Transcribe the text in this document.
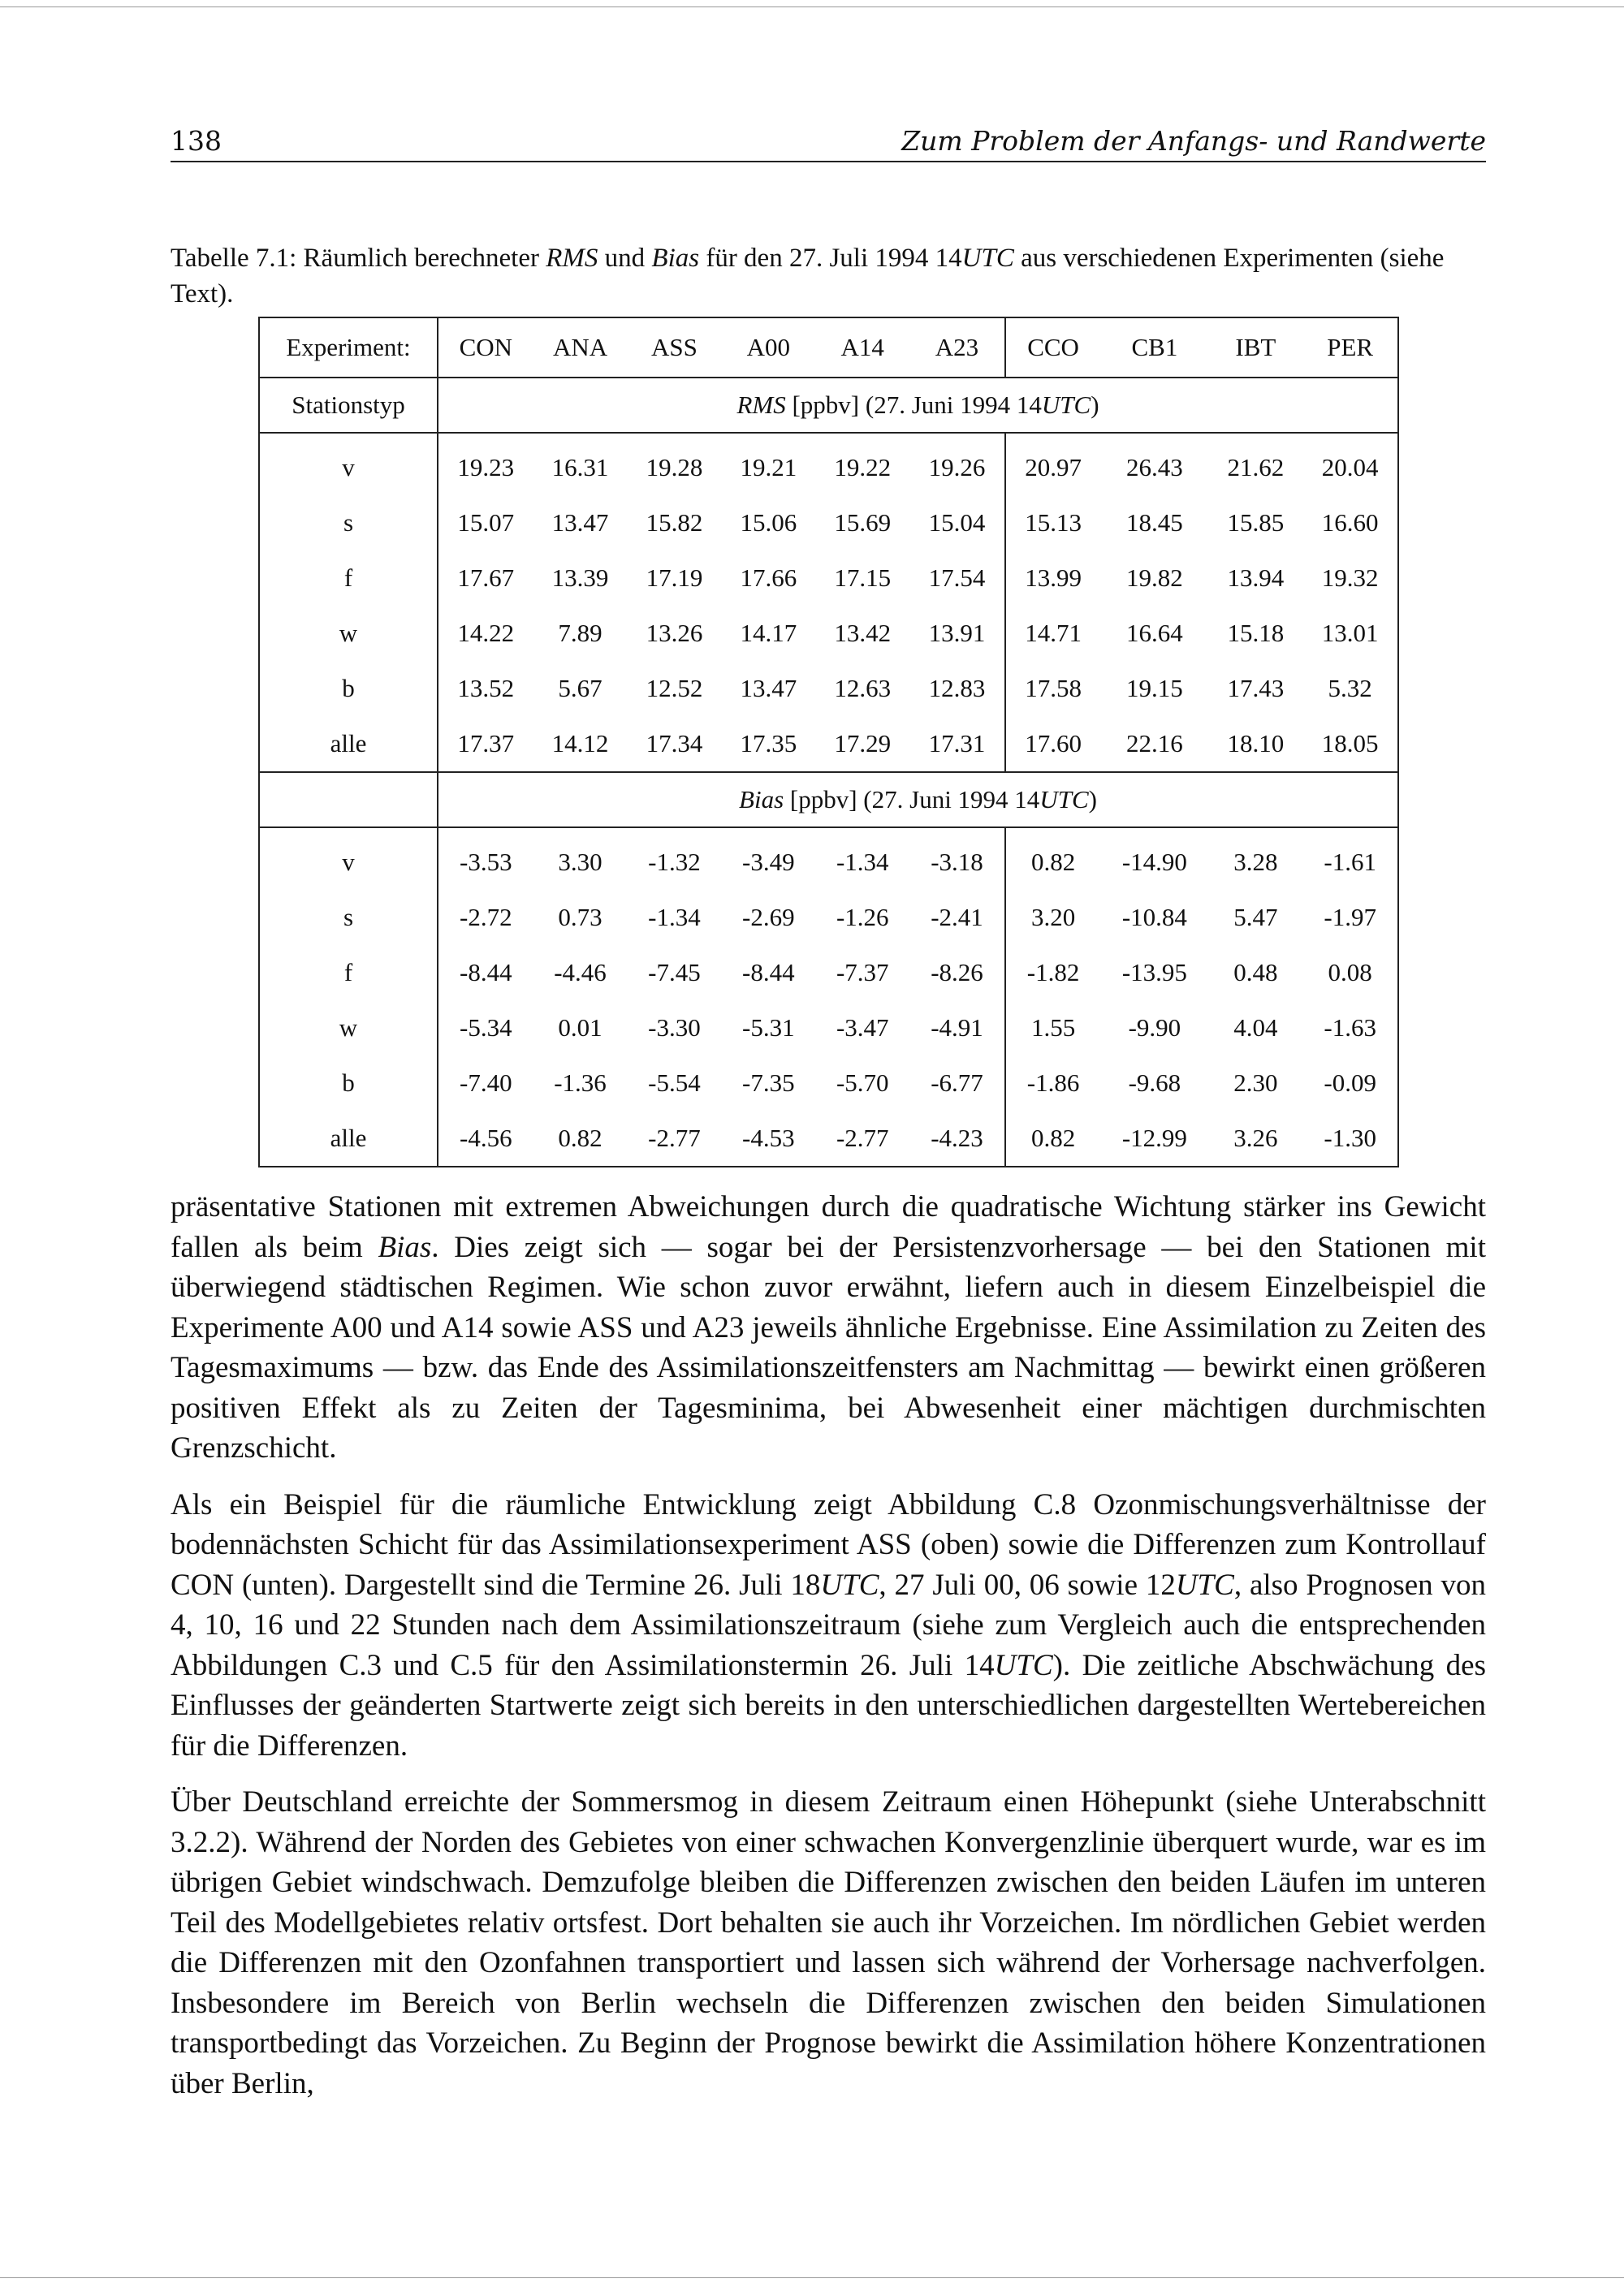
138	Zum Problem der Anfangs- und Randwerte
Tabelle 7.1: Räumlich berechneter RMS und Bias für den 27. Juli 1994 14UTC aus verschiedenen Experimenten (siehe Text).
Experiment:	CON	ANA	ASS	A00	A14	A23	CCO	CB1	IBT	PER
Stationstyp	RMS [ppbv] (27. Juni 1994 14UTC)									
v	19.23	16.31	19.28	19.21	19.22	19.26	20.97	26.43	21.62	20.04
s	15.07	13.47	15.82	15.06	15.69	15.04	15.13	18.45	15.85	16.60
f	17.67	13.39	17.19	17.66	17.15	17.54	13.99	19.82	13.94	19.32
w	14.22	7.89	13.26	14.17	13.42	13.91	14.71	16.64	15.18	13.01
b	13.52	5.67	12.52	13.47	12.63	12.83	17.58	19.15	17.43	5.32
alle	17.37	14.12	17.34	17.35	17.29	17.31	17.60	22.16	18.10	18.05
	Bias [ppbv] (27. Juni 1994 14UTC)									
v	-3.53	3.30	-1.32	-3.49	-1.34	-3.18	0.82	-14.90	3.28	-1.61
s	-2.72	0.73	-1.34	-2.69	-1.26	-2.41	3.20	-10.84	5.47	-1.97
f	-8.44	-4.46	-7.45	-8.44	-7.37	-8.26	-1.82	-13.95	0.48	0.08
w	-5.34	0.01	-3.30	-5.31	-3.47	-4.91	1.55	-9.90	4.04	-1.63
b	-7.40	-1.36	-5.54	-7.35	-5.70	-6.77	-1.86	-9.68	2.30	-0.09
alle	-4.56	0.82	-2.77	-4.53	-2.77	-4.23	0.82	-12.99	3.26	-1.30

präsentative Stationen mit extremen Abweichungen durch die quadratische Wichtung stärker ins Gewicht fallen als beim Bias. Dies zeigt sich — sogar bei der Persistenzvorhersage — bei den Stationen mit überwiegend städtischen Regimen. Wie schon zuvor erwähnt, liefern auch in diesem Einzelbeispiel die Experimente A00 und A14 sowie ASS und A23 jeweils ähnliche Ergebnisse. Eine Assimilation zu Zeiten des Tagesmaximums — bzw. das Ende des Assimilationszeitfensters am Nachmittag — bewirkt einen größeren positiven Effekt als zu Zeiten der Tagesminima, bei Abwesenheit einer mächtigen durchmischten Grenzschicht.

Als ein Beispiel für die räumliche Entwicklung zeigt Abbildung C.8 Ozonmischungsverhältnisse der bodennächsten Schicht für das Assimilationsexperiment ASS (oben) sowie die Differenzen zum Kontrollauf CON (unten). Dargestellt sind die Termine 26. Juli 18UTC, 27 Juli 00, 06 sowie 12UTC, also Prognosen von 4, 10, 16 und 22 Stunden nach dem Assimilationszeitraum (siehe zum Vergleich auch die entsprechenden Abbildungen C.3 und C.5 für den Assimilationstermin 26. Juli 14UTC). Die zeitliche Abschwächung des Einflusses der geänderten Startwerte zeigt sich bereits in den unterschiedlichen dargestellten Wertebereichen für die Differenzen.

Über Deutschland erreichte der Sommersmog in diesem Zeitraum einen Höhepunkt (siehe Unterabschnitt 3.2.2). Während der Norden des Gebietes von einer schwachen Konvergenzlinie überquert wurde, war es im übrigen Gebiet windschwach. Demzufolge bleiben die Differenzen zwischen den beiden Läufen im unteren Teil des Modellgebietes relativ ortsfest. Dort behalten sie auch ihr Vorzeichen. Im nördlichen Gebiet werden die Differenzen mit den Ozonfahnen transportiert und lassen sich während der Vorhersage nachverfolgen. Insbesondere im Bereich von Berlin wechseln die Differenzen zwischen den beiden Simulationen transportbedingt das Vorzeichen. Zu Beginn der Prognose bewirkt die Assimilation höhere Konzentrationen über Berlin,
